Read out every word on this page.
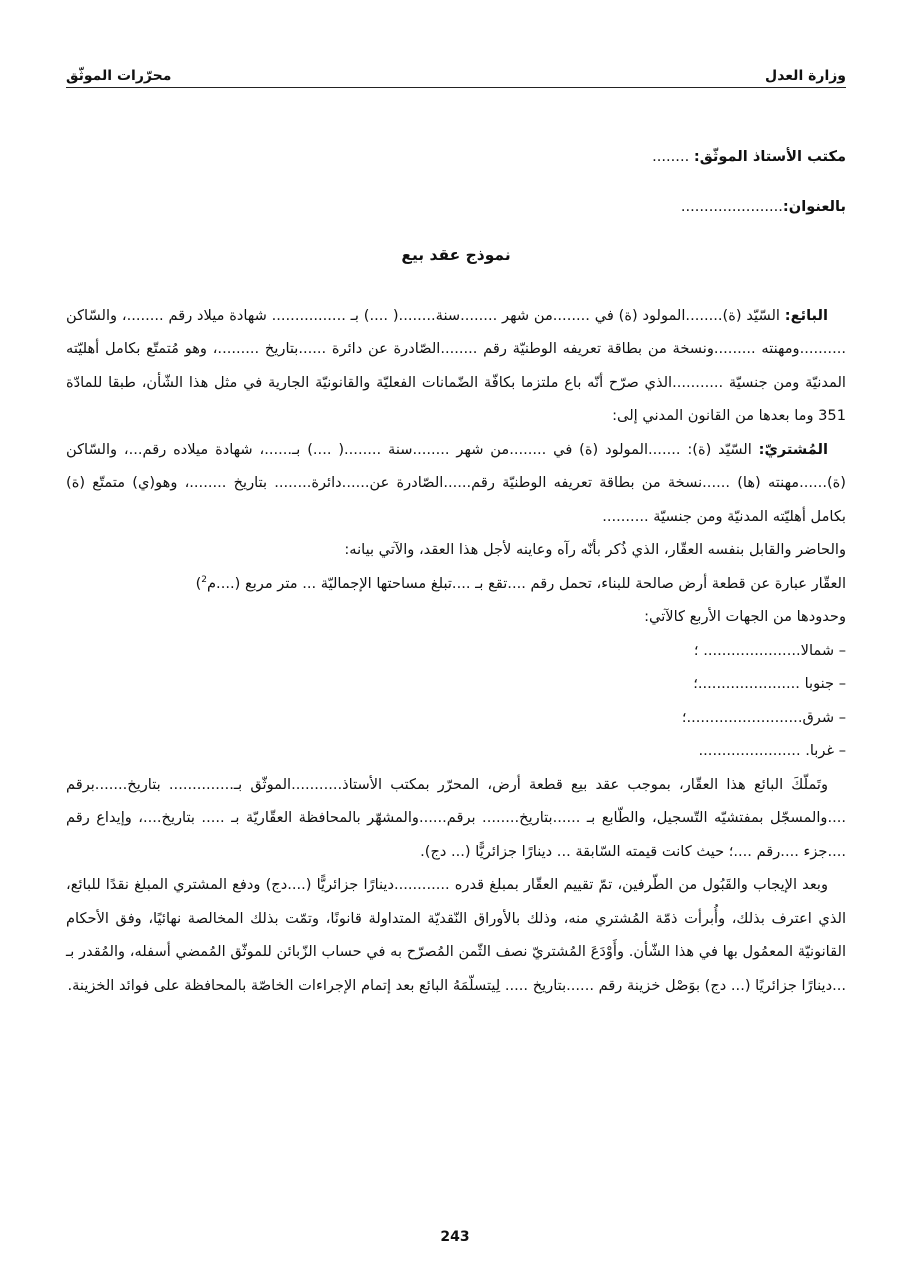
وزارة العدل
محرّرات الموثّق
مكتب الأستاذ الموثّق: ........
بالعنوان:......................
نموذج عقد بيع

البائع: السّيّد (ة)........المولود (ة) في ........من شهر ........سنة........( ....) بـ ................ شهادة ميلاد رقم ........، والسّاكن ..........ومهنته .........ونسخة من بطاقة تعريفه الوطنيّة رقم ........الصّادرة عن دائرة ......بتاريخ .........، وهو مُتمتّع بكامل أهليّته المدنيّة ومن جنسيّة ...........الذي صرّح أنّه باع ملتزما بكافّة الضّمانات الفعليّة والقانونيّة الجارية في مثل هذا الشّأن، طبقا للمادّة 351 وما بعدها من القانون المدني إلى:

المُشتريّ: السّيّد (ة): .......المولود (ة) في ........من شهر ........سنة ........( ....) بـ......، شهادة ميلاده رقم...، والسّاكن (ة)......مهنته (ها) ......نسخة من بطاقة تعريفه الوطنيّة رقم......الصّادرة عن......دائرة........ بتاريخ ........، وهو(ي) متمتّع (ة) بكامل أهليّته المدنيّة ومن جنسيّة ..........

والحاضر والقابل بنفسه العقّار، الذي ذُكر بأنّه رآه وعاينه لأجل هذا العقد، والآتي بيانه:

العقّار عبارة عن قطعة أرض صالحة للبناء، تحمل رقم ....تقع بـ ....تبلغ مساحتها الإجماليّة ... متر مربع (....م$^2$)

وحدودها من الجهات الأربع كالآتي:

– شمالا..................... ؛
– جنوبا ......................؛
– شرق.........................؛
– غربا. ......................

وتَملّكَ البائع هذا العقّار، بموجب عقد بيع قطعة أرض، المحرّر بمكتب الأستاذ...........الموثّق بـ.............. بتاريخ.......برقم ....والمسجّل بمفتشيّه التّسجيل، والطّابع بـ ......بتاريخ........ برقم......والمشهّر بالمحافظة العقّاريّة بـ ..... بتاريخ....، وإيداع رقم ....جزء ....رقم ....؛ حيث كانت قيمته السّابقة ... دينارًا جزائريًّا (... دج).

وبعد الإيجاب والقَبُول من الطّرفين، تمّ تقييم العقّار بمبلغ قدره ............دينارًا جزائريًّا (....دج) ودفع المشتري المبلغ نقدًا للبائع، الذي اعترف بذلك، وأُبرأت ذمّة المُشتري منه، وذلك بالأوراق النّقديّة المتداولة قانونًا، وتمّت بذلك المخالصة نهائيًا، وفق الأحكام القانونيّة المعمُول بها في هذا الشّأن. وأَوْدَعَ المُشتريّ نصف الثّمن المُصرّح به في حساب الزّبائن للموثّق المُمضي أسفله، والمُقدر بـ ...دينارًا جزائريًا (... دج) بوَصْل خزينة رقم ......بتاريخ ..... لِيتسلّمَهُ البائع بعد إتمام الإجراءات الخاصّة بالمحافظة على فوائد الخزينة.

243
